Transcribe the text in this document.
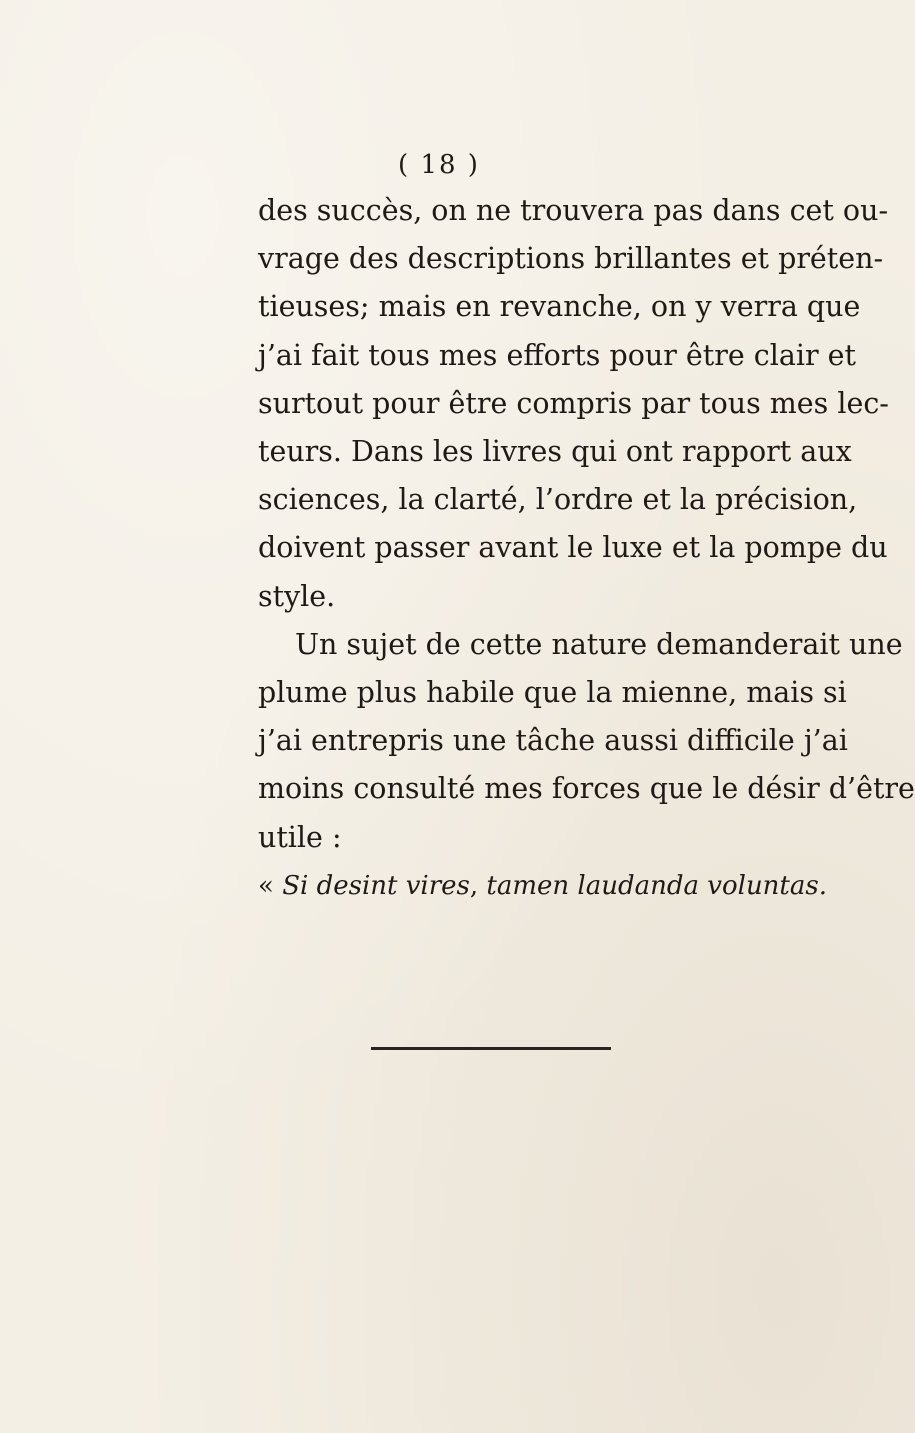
( 18 )
des succès, on ne trouvera pas dans cet ou-
vrage des descriptions brillantes et préten-
tieuses; mais en revanche, on y verra que
j’ai fait tous mes efforts pour être clair et
surtout pour être compris par tous mes lec-
teurs. Dans les livres qui ont rapport aux
sciences, la clarté, l’ordre et la précision,
doivent passer avant le luxe et la pompe du
style.
Un sujet de cette nature demanderait une
plume plus habile que la mienne, mais si
j’ai entrepris une tâche aussi difficile j’ai
moins consulté mes forces que le désir d’être
utile :
« Si desint vires, tamen laudanda voluntas.
